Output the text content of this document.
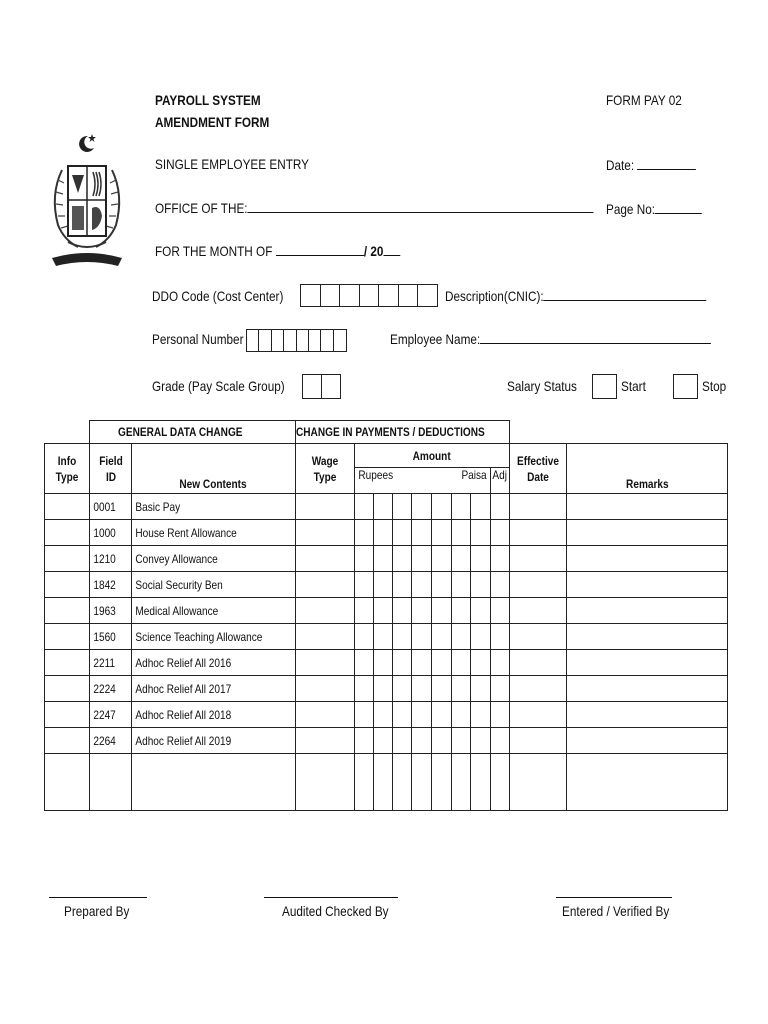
PAYROLL SYSTEM
AMENDMENT FORM
FORM PAY 02
SINGLE EMPLOYEE ENTRY	Date:
OFFICE OF THE:	Page No:
FOR THE MONTH OF	/ 20
DDO Code (Cost Center)	Description(CNIC):
Personal Number	Employee Name:
Grade (Pay Scale Group)	Salary Status	Start	Stop
GENERAL DATA CHANGE	CHANGE IN PAYMENTS / DEDUCTIONS
Info Type	Field ID	New Contents	Wage Type	Amount								Effective Date	Remarks
				Rupees					Paisa		Adj		
	0001	Basic Pay											
	1000	House Rent Allowance											
	1210	Convey Allowance											
	1842	Social Security Ben											
	1963	Medical Allowance											
	1560	Science Teaching Allowance											
	2211	Adhoc Relief All 2016											
	2224	Adhoc Relief All 2017											
	2247	Adhoc Relief All 2018											
	2264	Adhoc Relief All 2019											

Prepared By	Audited Checked By	Entered / Verified By
